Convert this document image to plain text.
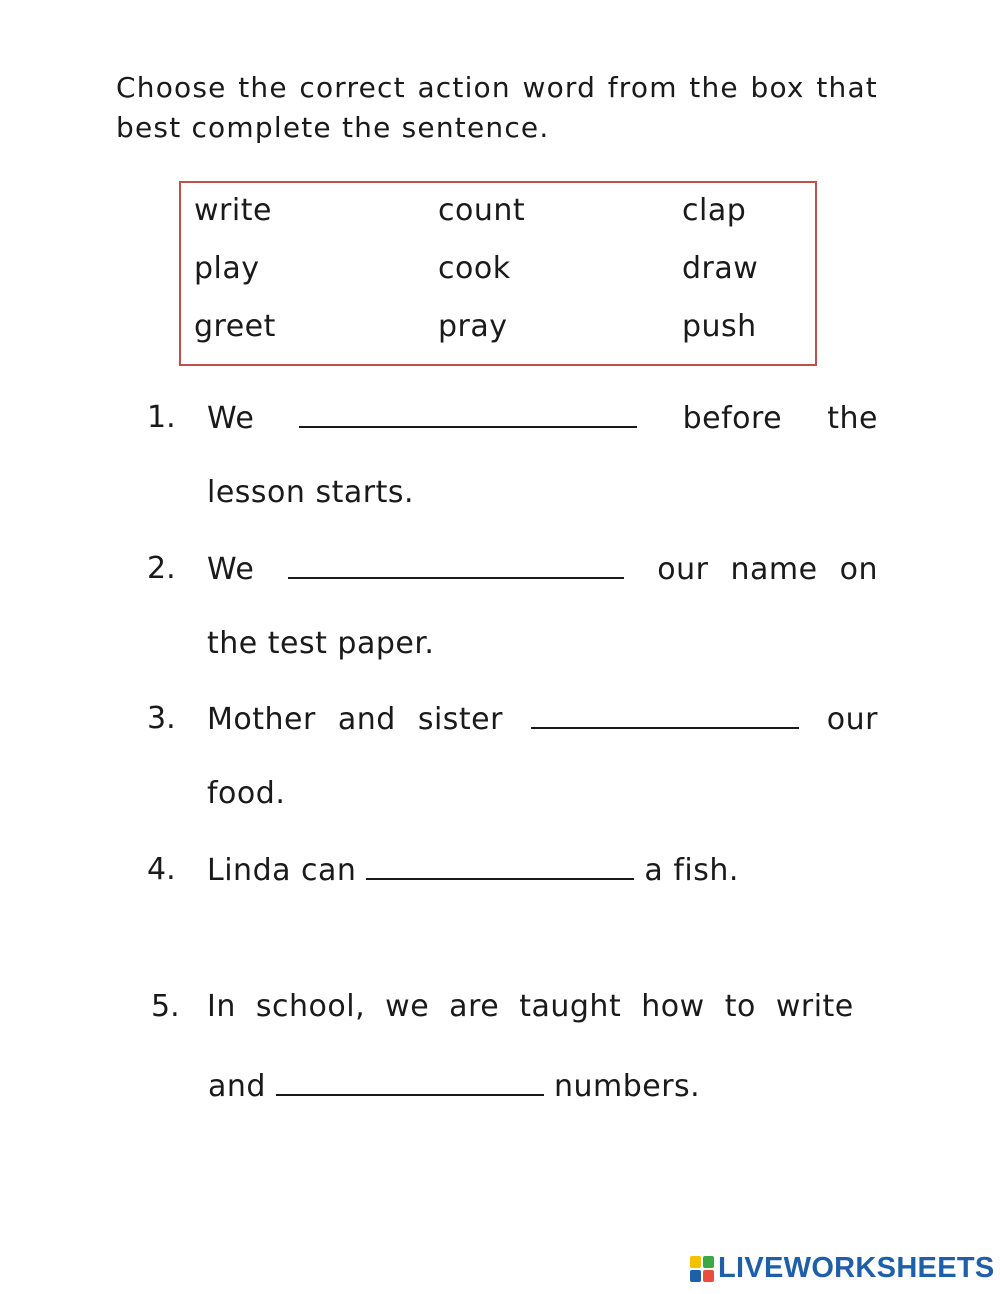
Choose the correct action word from the box that best complete the sentence.
write	count	clap
play	cook	draw
greet	pray	push
1. We	before the
lesson starts.
2. We	our name on
the test paper.
3. Mother and sister	our
food.
4. Linda can	a fish.
5. In school, we are taught how to write
and	numbers.
LIVEWORKSHEETS
